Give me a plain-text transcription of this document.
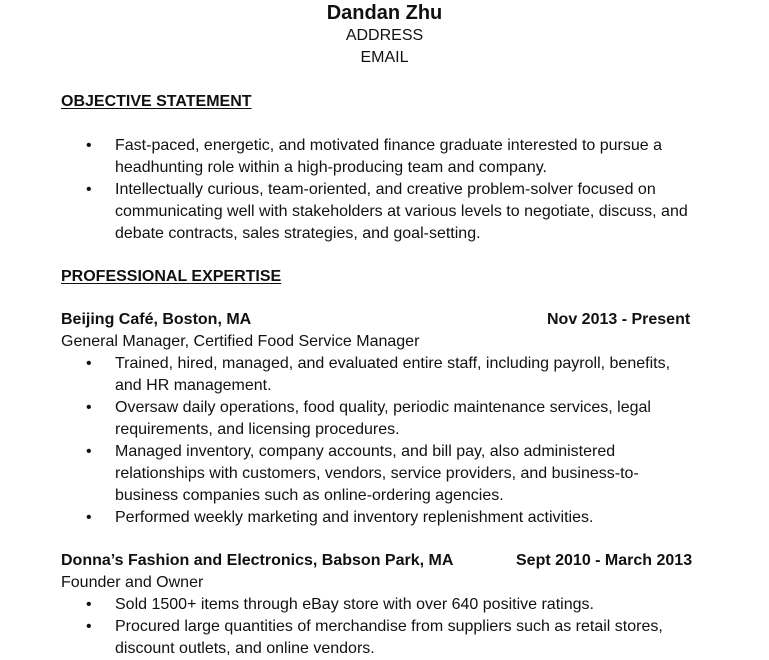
Dandan Zhu
ADDRESS
EMAIL
OBJECTIVE STATEMENT
•	Fast-paced, energetic, and motivated finance graduate interested to pursue a headhunting role within a high-producing team and company.
•	Intellectually curious, team-oriented, and creative problem-solver focused on communicating well with stakeholders at various levels to negotiate, discuss, and debate contracts, sales strategies, and goal-setting.
PROFESSIONAL EXPERTISE
Beijing Café, Boston, MA	Nov 2013 - Present
General Manager, Certified Food Service Manager
•	Trained, hired, managed, and evaluated entire staff, including payroll, benefits, and HR management.
•	Oversaw daily operations, food quality, periodic maintenance services, legal requirements, and licensing procedures.
•	Managed inventory, company accounts, and bill pay, also administered relationships with customers, vendors, service providers, and business-to-business companies such as online-ordering agencies.
•	Performed weekly marketing and inventory replenishment activities.
Donna’s Fashion and Electronics, Babson Park, MA	Sept 2010 - March 2013
Founder and Owner
•	Sold 1500+ items through eBay store with over 640 positive ratings.
•	Procured large quantities of merchandise from suppliers such as retail stores, discount outlets, and online vendors.
